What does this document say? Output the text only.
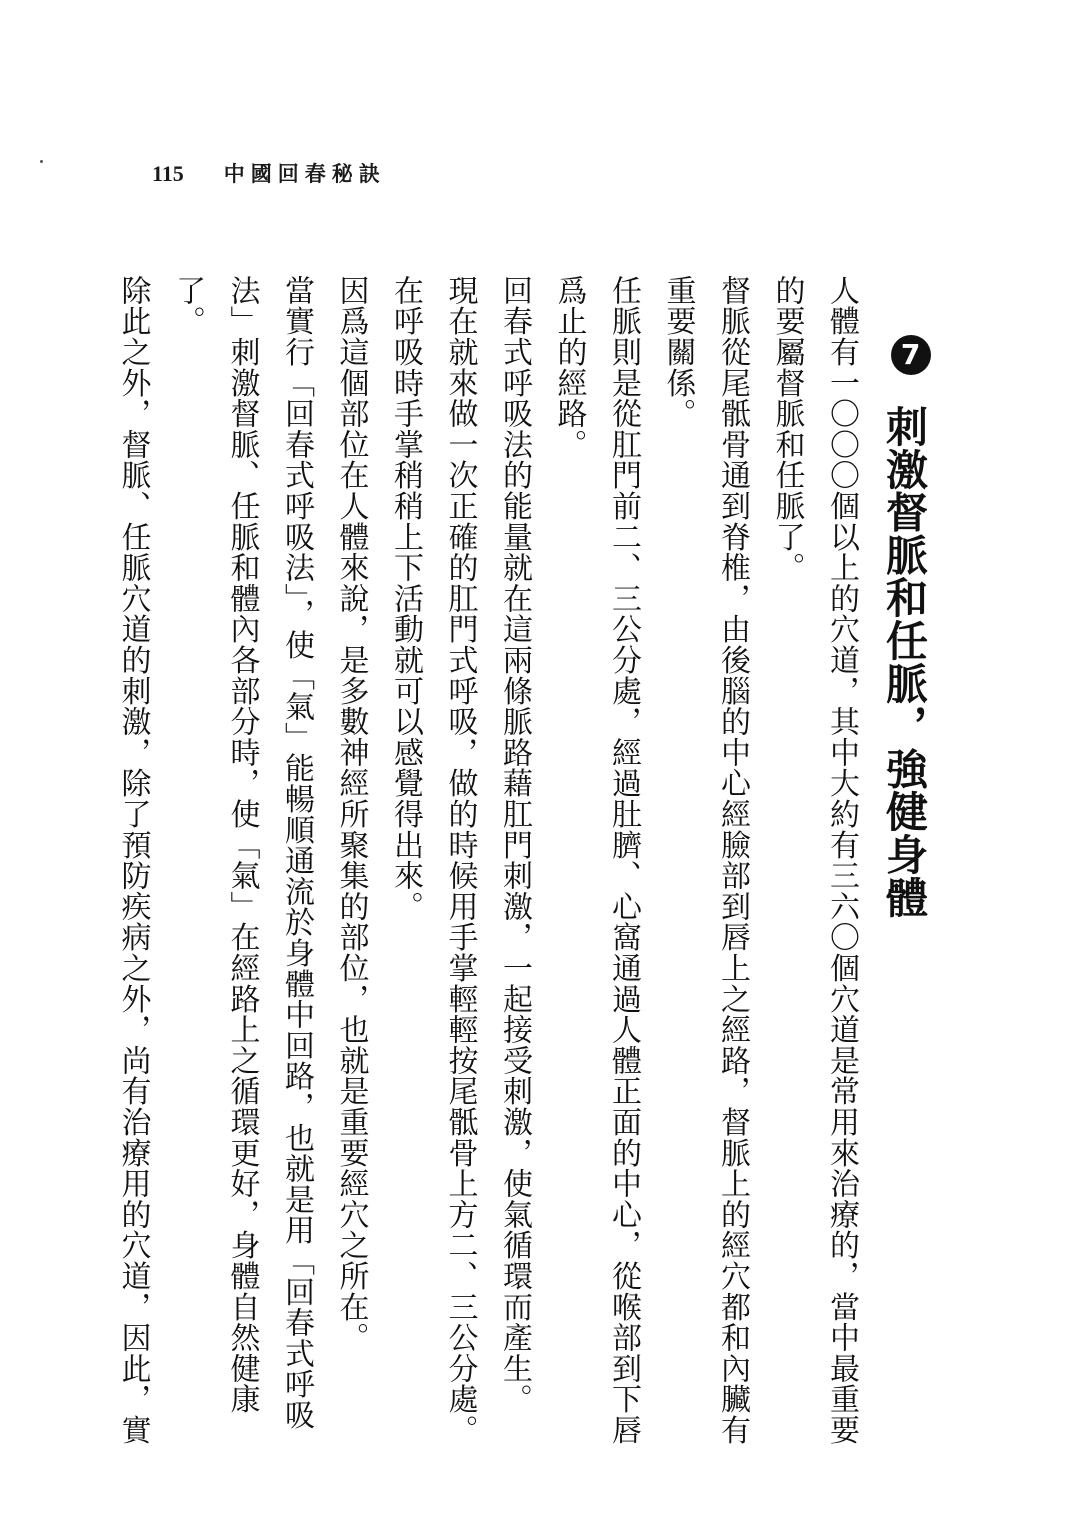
115 中國回春秘訣
7刺激督脈和任脈，強健身體

人體有一〇〇〇個以上的穴道，其中大約有三六〇個穴道是常用來治療的，當中最重要的要屬督脈和任脈了。

督脈從尾骶骨通到脊椎，由後腦的中心經臉部到唇上之經路，督脈上的經穴都和內臟有重要關係。

任脈則是從肛門前二、三公分處，經過肚臍、心窩通過人體正面的中心，從喉部到下唇爲止的經路。

回春式呼吸法的能量就在這兩條脈路藉肛門刺激，一起接受刺激，使氣循環而產生。

現在就來做一次正確的肛門式呼吸，做的時候用手掌輕輕按尾骶骨上方二、三公分處。在呼吸時手掌稍稍上下活動就可以感覺得出來。

因爲這個部位在人體來說，是多數神經所聚集的部位，也就是重要經穴之所在。

當實行「回春式呼吸法」，使「氣」能暢順通流於身體中回路，也就是用「回春式呼吸法」刺激督脈、任脈和體內各部分時，使「氣」在經路上之循環更好，身體自然健康了。

除此之外，督脈、任脈穴道的刺激，除了預防疾病之外，尚有治療用的穴道，因此，實
